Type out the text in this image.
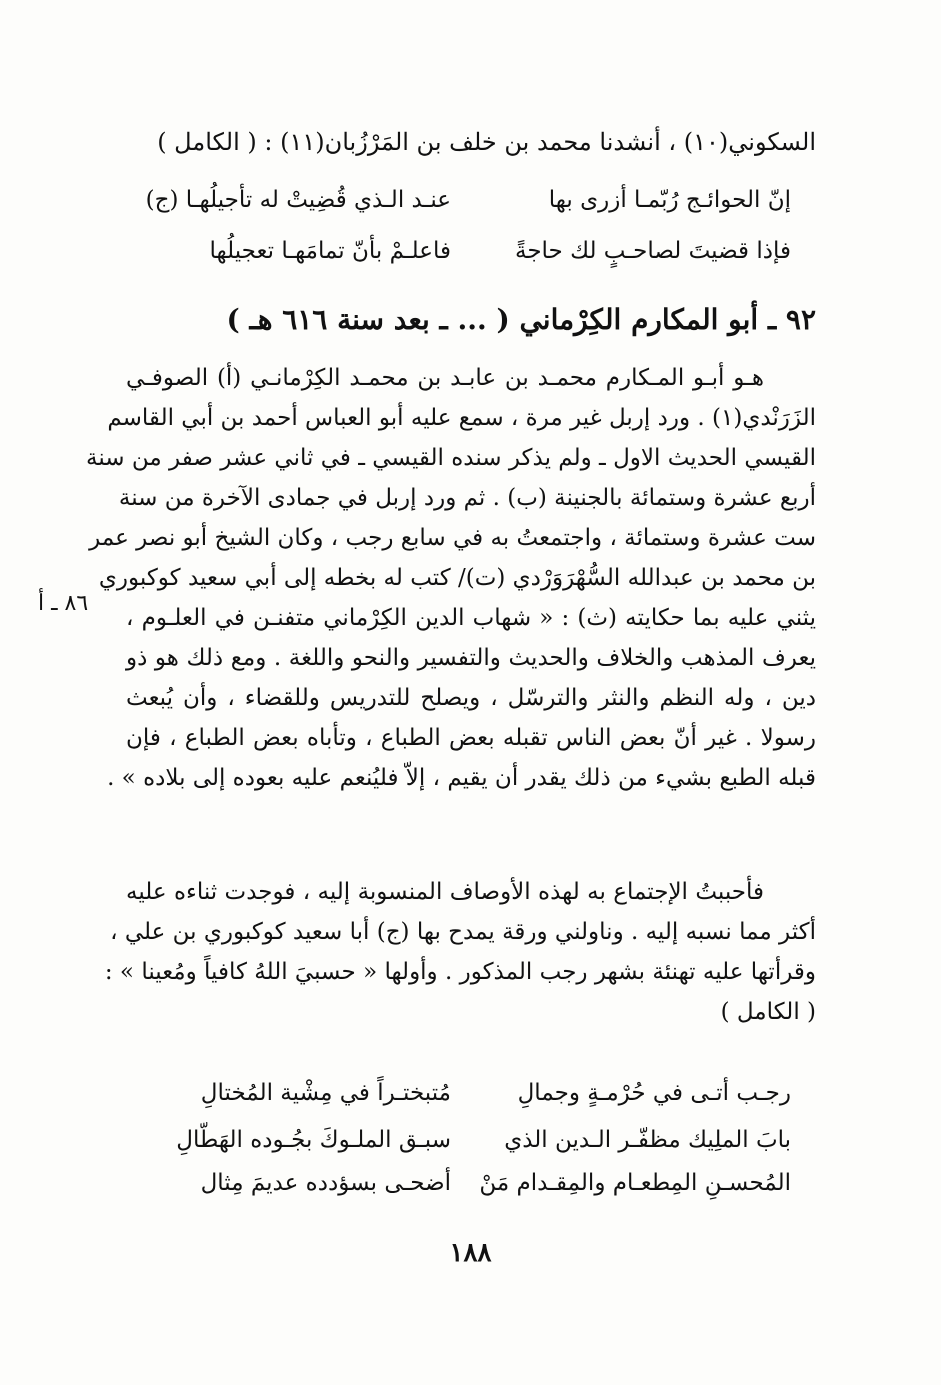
السكوني(١٠) ، أنشدنا محمد بن خلف بن المَرْزُبان(١١) : ( الكامل )
إنّ الحوائـج رُبّمـا أزرى بها
عنـد الـذي قُضِيتْ له تأجيلُهـا (ج)
فإذا قضيتَ لصاحـبٍ لك حاجةً
فاعلـمْ بأنّ تمامَهـا تعجيلُها
٩٢ ـ أبو المكارم الكِرْماني ( ... ـ بعد سنة ٦١٦ هـ )
هـو أبـو المـكارم محمـد بن عابـد بن محمـد الكِرْمانـي (أ) الصوفـي
الزَرَنْدي(١) . ورد إربل غير مرة ، سمع عليه أبو العباس أحمد بن أبي القاسم
القيسي الحديث الاول ـ ولم يذكر سنده القيسي ـ في ثاني عشر صفر من سنة
أربع عشرة وستمائة بالجنينة (ب) . ثم ورد إربل في جمادى الآخرة من سنة
ست عشرة وستمائة ، واجتمعتُ به في سابع رجب ، وكان الشيخ أبو نصر عمر
بن محمد بن عبدالله السُّهْرَوَرْدي (ت)/ كتب له بخطه إلى أبي سعيد كوكبوري
يثني عليه بما حكايته (ث) : « شهاب الدين الكِرْماني متفنـن في العلـوم ،
يعرف المذهب والخلاف والحديث والتفسير والنحو واللغة . ومع ذلك هو ذو
دين ، وله النظم والنثر والترسّل ، ويصلح للتدريس وللقضاء ، وأن يُبعث
رسولا . غير أنّ بعض الناس تقبله بعض الطباع ، وتأباه بعض الطباع ، فإن
قبله الطبع بشيء من ذلك يقدر أن يقيم ، إلاّ فليُنعم عليه بعوده إلى بلاده » .
٨٦ ـ أ
فأحببتُ الإجتماع به لهذه الأوصاف المنسوبة إليه ، فوجدت ثناءه عليه
أكثر مما نسبه إليه . وناولني ورقة يمدح بها (ج) أبا سعيد كوكبوري بن علي ،
وقرأتها عليه تهنئة بشهر رجب المذكور . وأولها « حسبيَ اللهُ كافياً ومُعينا » :
( الكامل )
رجـب أتـى في حُرْمـةٍ وجمالِ
مُتبختـراً في مِشْية المُختالِ
بابَ الملِيك مظفّـر الـدين الذي
سبـق الملـوكَ بجُـوده الهَطّالِ
المُحسـنِ المِطعـام والمِقـدام مَنْ
أضحـى بسؤدده عديمَ مِثال
١٨٨
